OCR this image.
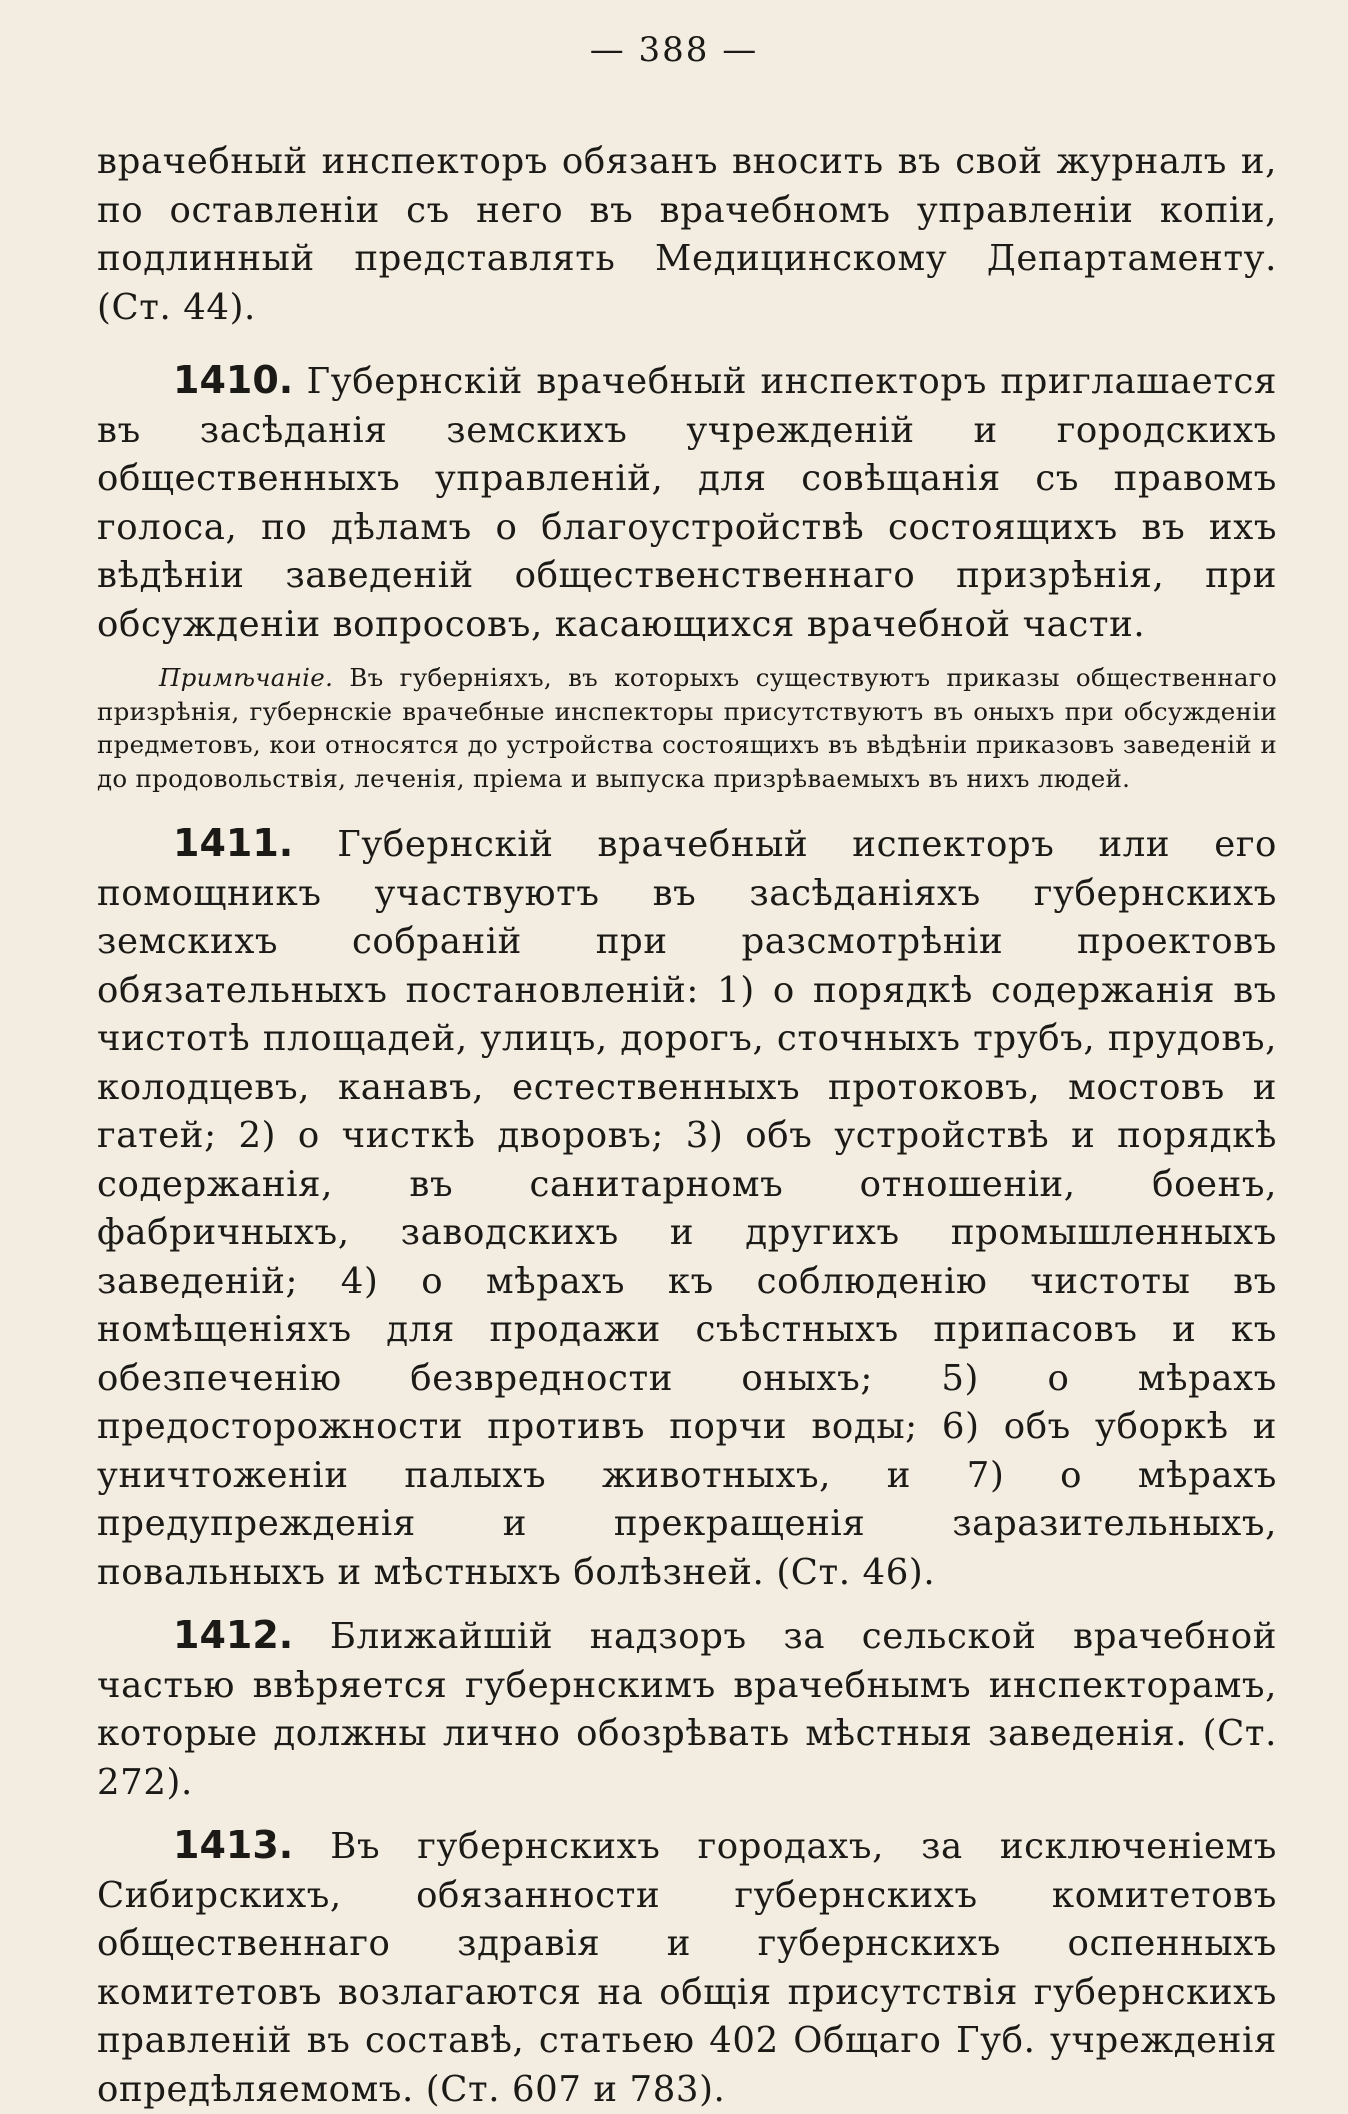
— 388 —

врачебный инспекторъ обязанъ вносить въ свой журналъ и, по оставленіи съ него въ врачебномъ управленіи копіи, подлинный представлять Медицинскому Департаменту. (Ст. 44).

1410. Губернскій врачебный инспекторъ приглашается въ засѣданія земскихъ учрежденій и городскихъ общественныхъ управленій, для совѣщанія съ правомъ голоса, по дѣламъ о благоустройствѣ состоящихъ въ ихъ вѣдѣніи заведеній общественственнаго призрѣнія, при обсужденіи вопросовъ, касающихся врачебной части.

Примѣчаніе. Въ губерніяхъ, въ которыхъ существуютъ приказы общественнаго призрѣнія, губернскіе врачебные инспекторы присутствуютъ въ оныхъ при обсужденіи предметовъ, кои относятся до устройства состоящихъ въ вѣдѣніи приказовъ заведеній и до продовольствія, леченія, пріема и выпуска призрѣваемыхъ въ нихъ людей.

1411. Губернскій врачебный испекторъ или его помощникъ участвуютъ въ засѣданіяхъ губернскихъ земскихъ собраній при разсмотрѣніи проектовъ обязательныхъ постановленій: 1) о порядкѣ содержанія въ чистотѣ площадей, улицъ, дорогъ, сточныхъ трубъ, прудовъ, колодцевъ, канавъ, естественныхъ протоковъ, мостовъ и гатей; 2) о чисткѣ дворовъ; 3) объ устройствѣ и порядкѣ содержанія, въ санитарномъ отношеніи, боенъ, фабричныхъ, заводскихъ и другихъ промышленныхъ заведеній; 4) о мѣрахъ къ соблюденію чистоты въ номѣщеніяхъ для продажи съѣстныхъ припасовъ и къ обезпеченію безвредности оныхъ; 5) о мѣрахъ предосторожности противъ порчи воды; 6) объ уборкѣ и уничтоженіи палыхъ животныхъ, и 7) о мѣрахъ предупрежденія и прекращенія заразительныхъ, повальныхъ и мѣстныхъ болѣзней. (Ст. 46).

1412. Ближайшій надзоръ за сельской врачебной частью ввѣряется губернскимъ врачебнымъ инспекторамъ, которые должны лично обозрѣвать мѣстныя заведенія. (Ст. 272).

1413. Въ губернскихъ городахъ, за исключеніемъ Сибирскихъ, обязанности губернскихъ комитетовъ общественнаго здравія и губернскихъ оспенныхъ комитетовъ возлагаются на общія присутствія губернскихъ правленій въ составѣ, статьею 402 Общаго Губ. учрежденія опредѣляемомъ. (Ст. 607 и 783).
